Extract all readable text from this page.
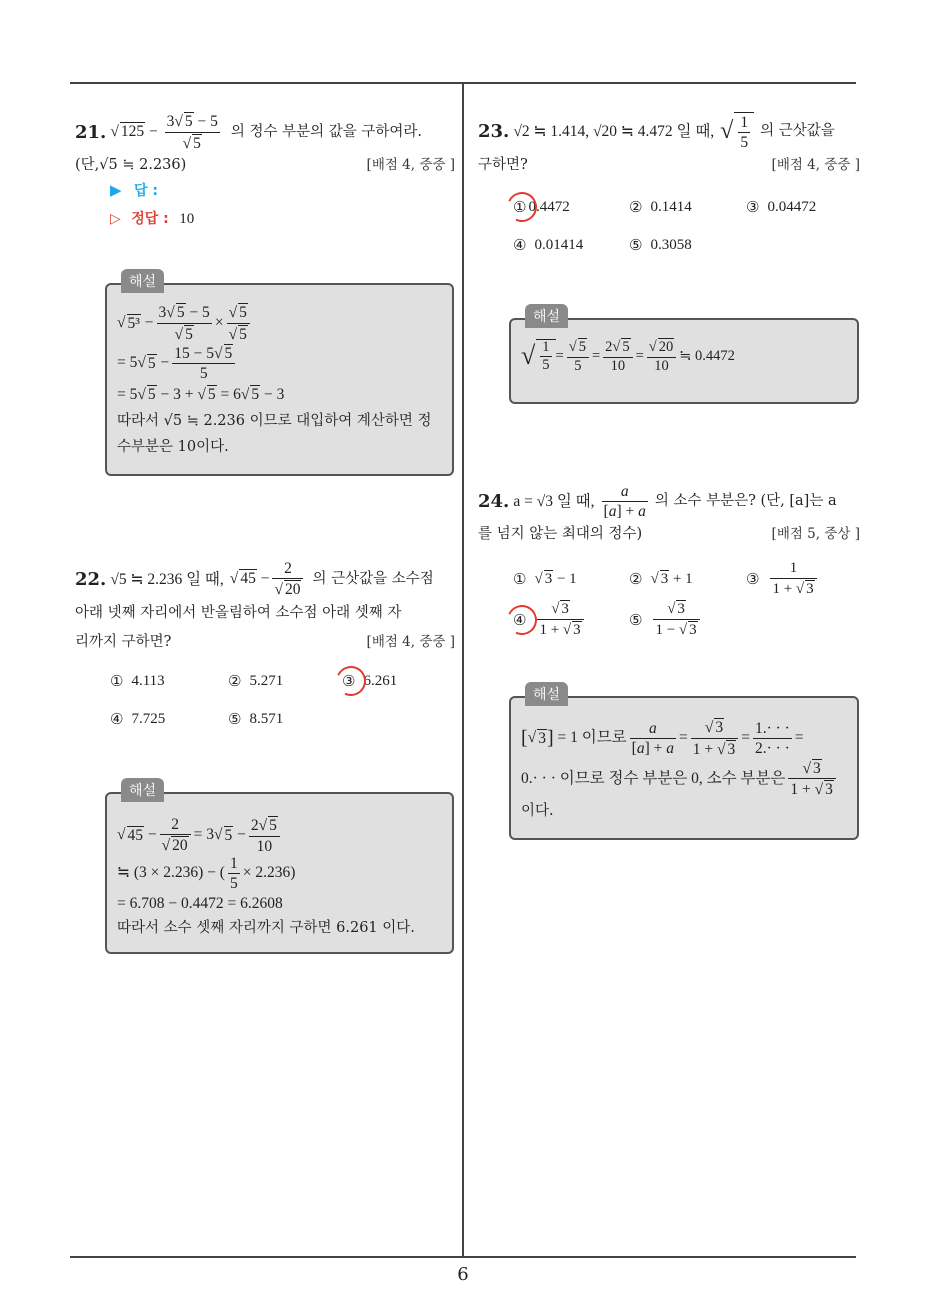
6
21. √ $125 - \frac{3√ 5 - 5}{√ 5}$ 의 정수 부분의 값을 구하여라.
(단,√5 ≒ 2.236)	[배점 4, 중중 ]
▶ 답 :
▷ 정답 : 10
해설
√ $5^3 - \frac{3√ 5 - 5}{√ 5} \times \frac{√ 5}{√ 5}$
= 5√ $5 - \frac{15 - 5√ 5}{5}$
= 5√ 5 − 3 + √ 5 = 6√ 5 − 3
따라서 √5 ≒ 2.236 이므로 대입하여 계산하면 정
수부분은 10이다.
22. √5 ≒ 2.236 일 때, √ $45 - \frac{2}{√ 20}$ 의 근삿값을 소수점
아래 넷째 자리에서 반올림하여 소수점 아래 셋째 자
리까지 구하면?	[배점 4, 중중 ]
① 4.113	② 5.271	③ 6.261
④ 7.725	⑤ 8.571
해설
√ $45 - \frac{2}{√ 20} = 3√$ $5 - \frac{2√ 5}{10}$
≒ (3 × 2.236) − ( $\frac{1}{5} \times 2.236$)
= 6.708 − 0.4472 = 6.2608
따라서 소수 셋째 자리까지 구하면 6.261 이다.
23. √2 ≒ 1.414, √20 ≒ 4.472 일 때, √ $\frac{1}{5}$ 의 근삿값을
구하면?	[배점 4, 중중 ]
① 0.4472	② 0.1414	③ 0.04472
④ 0.01414	⑤ 0.3058
해설
√ $\frac{1}{5} = \frac{√ 5}{5} = \frac{2√ 5}{10} = \frac{√ 20}{10}$ ≒ 0.4472
24. a = √3 일 때, $\frac{a}{[a] + a}$ 의 소수 부분은? (단, [a]는 a
를 넘지 않는 최대의 정수)	[배점 5, 중상 ]
① √ 3 − 1	② √ 3 + 1	③ $\frac{1}{1 + √ 3}$
④ $\frac{√ 3}{1 + √ 3}$	⑤ $\frac{√ 3}{1 - √ 3}$
해설
[ √ 3 ]
= 1 이므로 $\frac{a}{[a] + a} = \frac{√ 3}{1 + √ 3} = \frac{1.\cdot \cdot \cdot}{2.\cdot \cdot \cdot}$ =
0.· · · 이므로 정수 부분은 0, 소수 부분은 $\frac{√ 3}{1 + √ 3}$
이다.
